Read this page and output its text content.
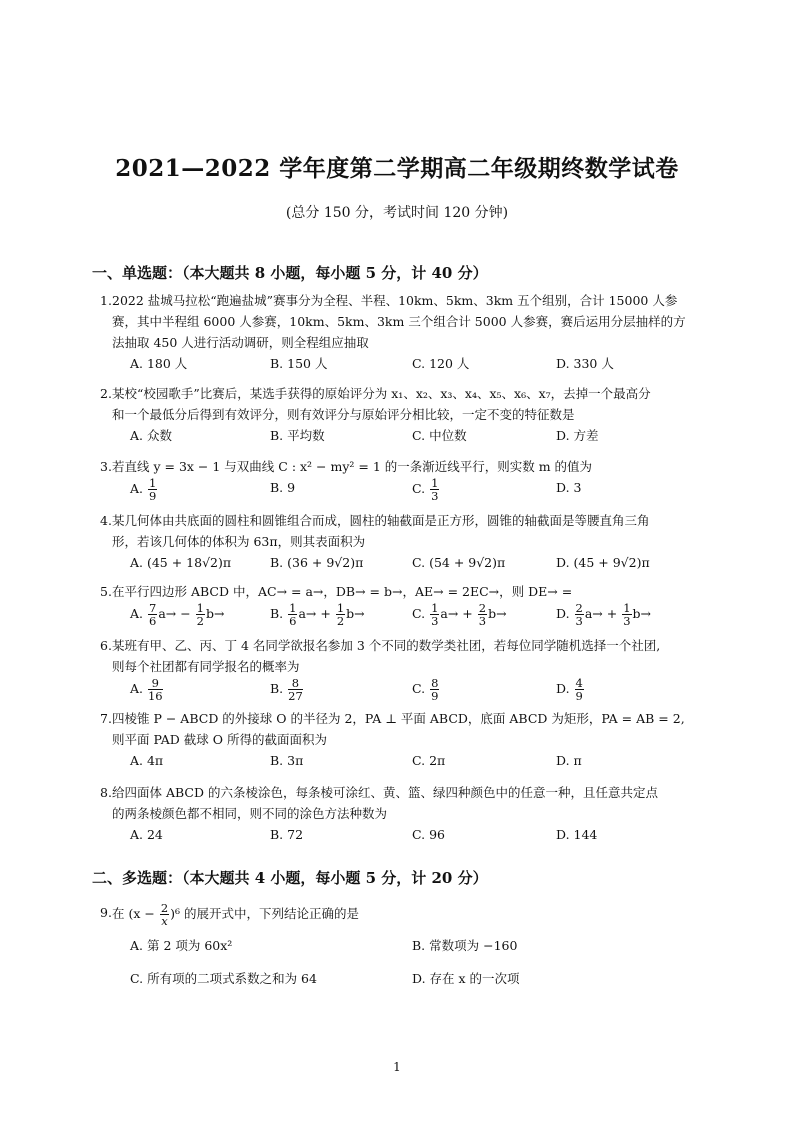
2021—2022 学年度第二学期高二年级期终数学试卷
(总分 150 分，考试时间 120 分钟)
一、单选题：（本大题共 8 小题，每小题 5 分，计 40 分）
1. 2022 盐城马拉松“跑遍盐城”赛事分为全程、半程、10km、5km、3km 五个组别，合计 15000 人参
赛，其中半程组 6000 人参赛，10km、5km、3km 三个组合计 5000 人参赛，赛后运用分层抽样的方
法抽取 450 人进行活动调研，则全程组应抽取
A. 180 人	B. 150 人	C. 120 人	D. 330 人
2. 某校“校园歌手”比赛后，某选手获得的原始评分为 x₁、x₂、x₃、x₄、x₅、x₆、x₇，去掉一个最高分
和一个最低分后得到有效评分，则有效评分与原始评分相比较，一定不变的特征数是
A. 众数	B. 平均数	C. 中位数	D. 方差
3. 若直线 y = 3x − 1 与双曲线 C : x² − my² = 1 的一条渐近线平行，则实数 m 的值为
A. $\frac{1}{9}$	B. 9	C. $\frac{1}{3}$	D. 3
4. 某几何体由共底面的圆柱和圆锥组合而成，圆柱的轴截面是正方形，圆锥的轴截面是等腰直角三角
形，若该几何体的体积为 63π，则其表面积为
A. (45 + 18√2)π	B. (36 + 9√2)π	C. (54 + 9√2)π	D. (45 + 9√2)π
5. 在平行四边形 ABCD 中，AC→ = a→，DB→ = b→，AE→ = 2EC→，则 DE→ =
A. $\frac{7}{6} a\to - \frac{1}{2} b\to$	B. $\frac{1}{6} a\to + \frac{1}{2} b\to$	C. $\frac{1}{3} a\to + \frac{2}{3} b\to$	D. $\frac{2}{3} a\to + \frac{1}{3} b\to$
6. 某班有甲、乙、丙、丁 4 名同学欲报名参加 3 个不同的数学类社团，若每位同学随机选择一个社团,
则每个社团都有同学报名的概率为
A. $\frac{9}{16}$	B. $\frac{8}{27}$	C. $\frac{8}{9}$	D. $\frac{4}{9}$
7. 四棱锥 P − ABCD 的外接球 O 的半径为 2，PA ⊥ 平面 ABCD，底面 ABCD 为矩形，PA = AB = 2,
则平面 PAD 截球 O 所得的截面面积为
A. 4π	B. 3π	C. 2π	D. π
8. 给四面体 ABCD 的六条棱涂色，每条棱可涂红、黄、篮、绿四种颜色中的任意一种，且任意共定点
的两条棱颜色都不相同，则不同的涂色方法种数为
A. 24	B. 72	C. 96	D. 144
二、多选题：（本大题共 4 小题，每小题 5 分，计 20 分）
9. 在 $(x - \frac{2}{x} )^6$ 的展开式中，下列结论正确的是
A. 第 2 项为 60x²	B. 常数项为 −160
C. 所有项的二项式系数之和为 64	D. 存在 x 的一次项
1
